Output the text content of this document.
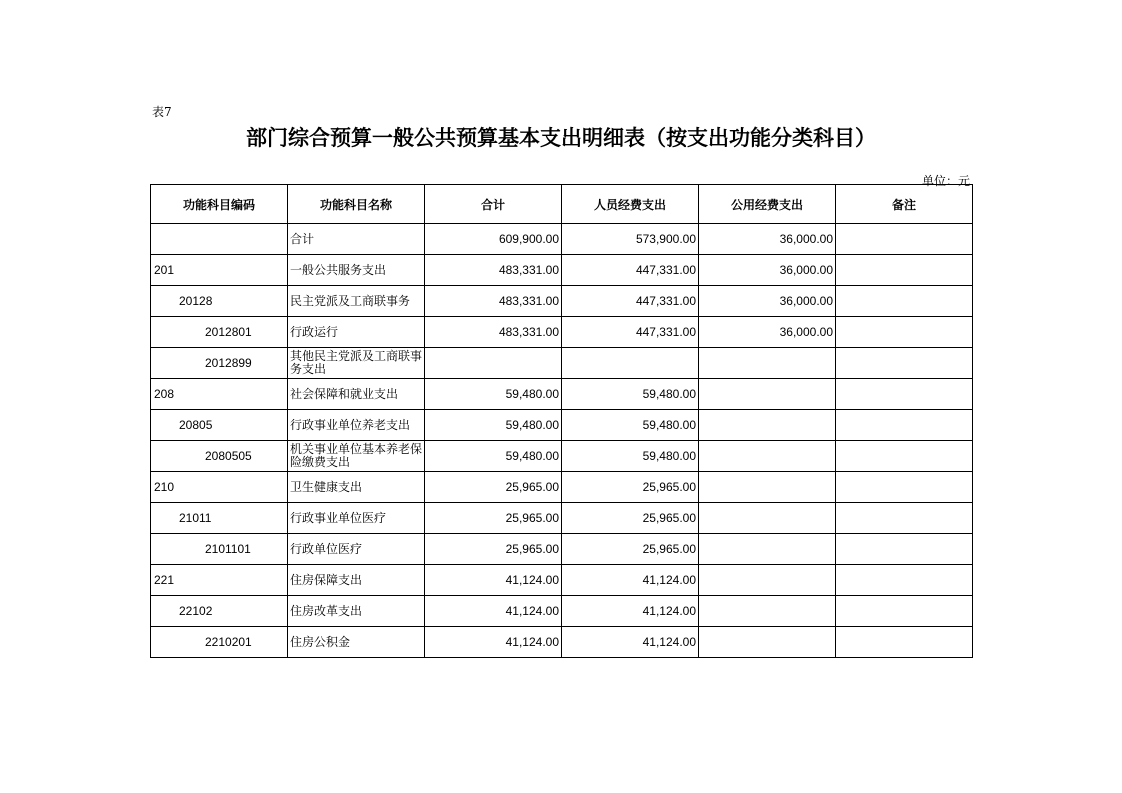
表7
部门综合预算一般公共预算基本支出明细表（按支出功能分类科目）
单位：元
功能科目编码	功能科目名称	合计	人员经费支出	公用经费支出	备注
	合计	609,900.00	573,900.00	36,000.00	
201	一般公共服务支出	483,331.00	447,331.00	36,000.00	
20128	民主党派及工商联事务	483,331.00	447,331.00	36,000.00	
2012801	行政运行	483,331.00	447,331.00	36,000.00	
2012899	其他民主党派及工商联事务支出				
208	社会保障和就业支出	59,480.00	59,480.00		
20805	行政事业单位养老支出	59,480.00	59,480.00		
2080505	机关事业单位基本养老保险缴费支出	59,480.00	59,480.00		
210	卫生健康支出	25,965.00	25,965.00		
21011	行政事业单位医疗	25,965.00	25,965.00		
2101101	行政单位医疗	25,965.00	25,965.00		
221	住房保障支出	41,124.00	41,124.00		
22102	住房改革支出	41,124.00	41,124.00		
2210201	住房公积金	41,124.00	41,124.00		
